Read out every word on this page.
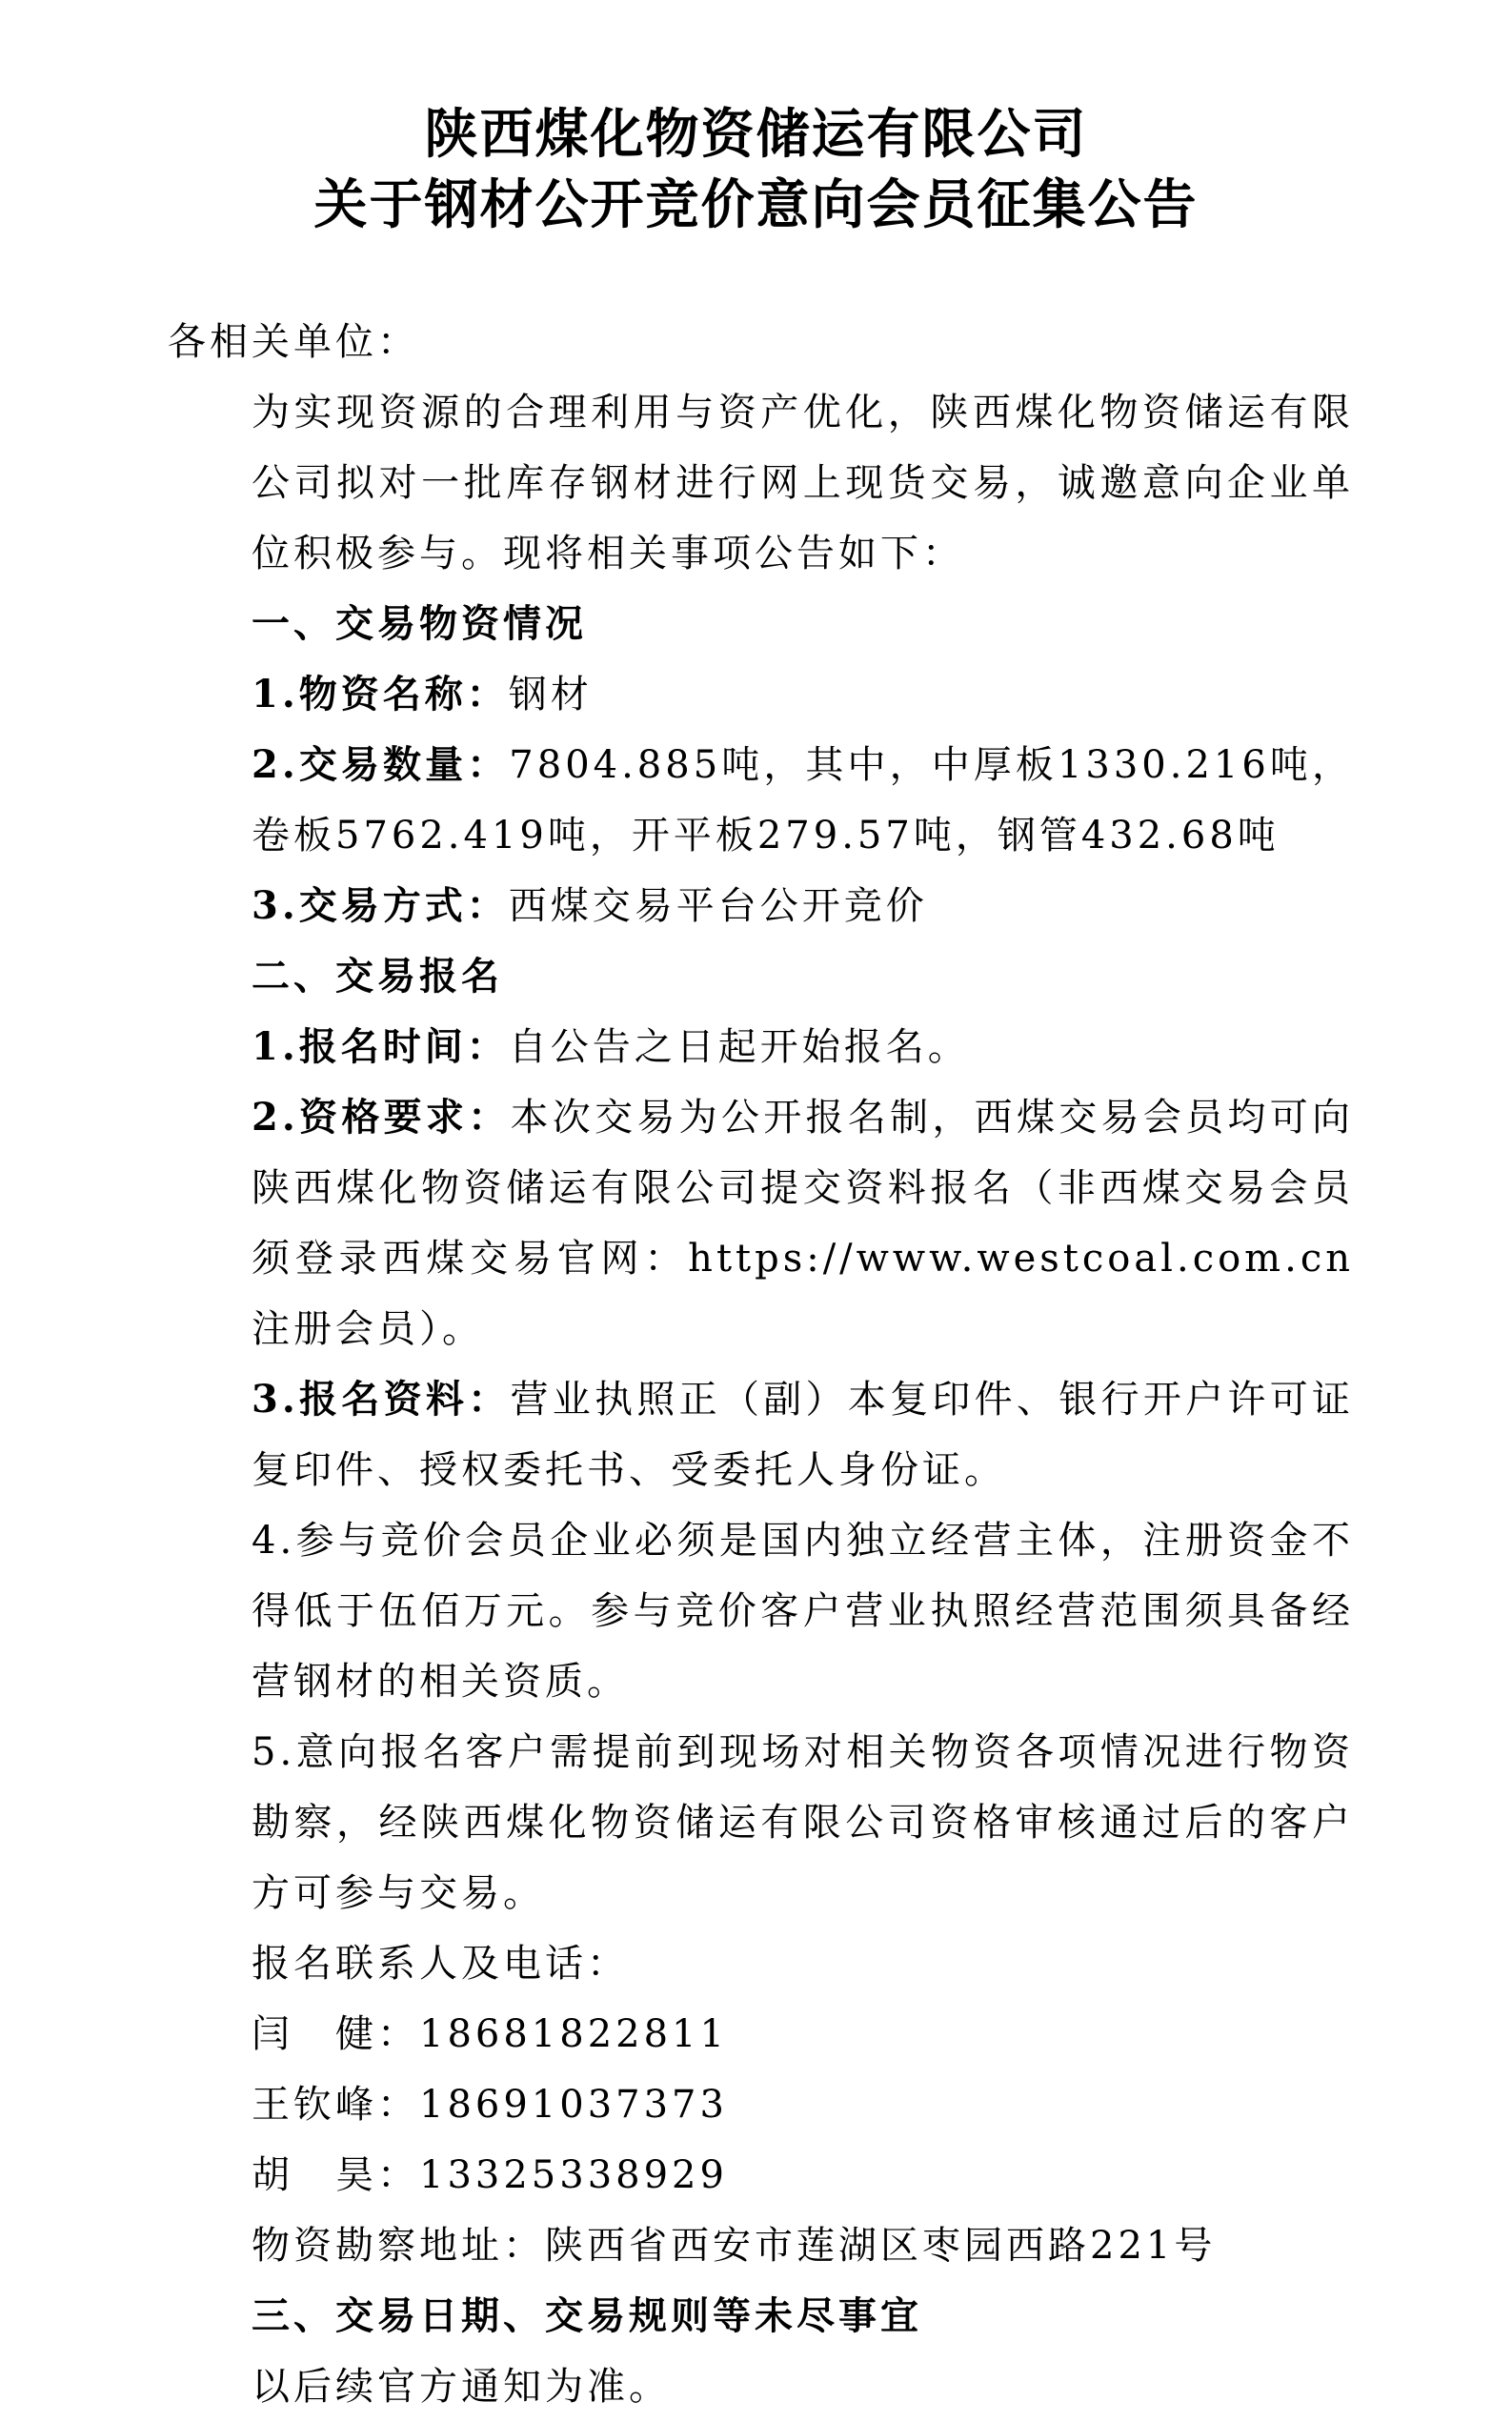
陕西煤化物资储运有限公司
关于钢材公开竞价意向会员征集公告
各相关单位：
为实现资源的合理利用与资产优化，陕西煤化物资储运有限公司拟对一批库存钢材进行网上现货交易，诚邀意向企业单位积极参与。现将相关事项公告如下：
一、交易物资情况
1.物资名称：钢材
2.交易数量：7804.885吨，其中，中厚板1330.216吨，卷板5762.419吨，开平板279.57吨，钢管432.68吨
3.交易方式：西煤交易平台公开竞价
二、交易报名
1.报名时间：自公告之日起开始报名。
2.资格要求：本次交易为公开报名制，西煤交易会员均可向陕西煤化物资储运有限公司提交资料报名（非西煤交易会员须登录西煤交易官网：https://www.westcoal.com.cn注册会员）。
3.报名资料：营业执照正（副）本复印件、银行开户许可证复印件、授权委托书、受委托人身份证。
4.参与竞价会员企业必须是国内独立经营主体，注册资金不得低于伍佰万元。参与竞价客户营业执照经营范围须具备经营钢材的相关资质。
5.意向报名客户需提前到现场对相关物资各项情况进行物资勘察，经陕西煤化物资储运有限公司资格审核通过后的客户方可参与交易。
报名联系人及电话：
闫　健：18681822811
王钦峰：18691037373
胡　昊：13325338929
物资勘察地址：陕西省西安市莲湖区枣园西路221号
三、交易日期、交易规则等未尽事宜
以后续官方通知为准。
